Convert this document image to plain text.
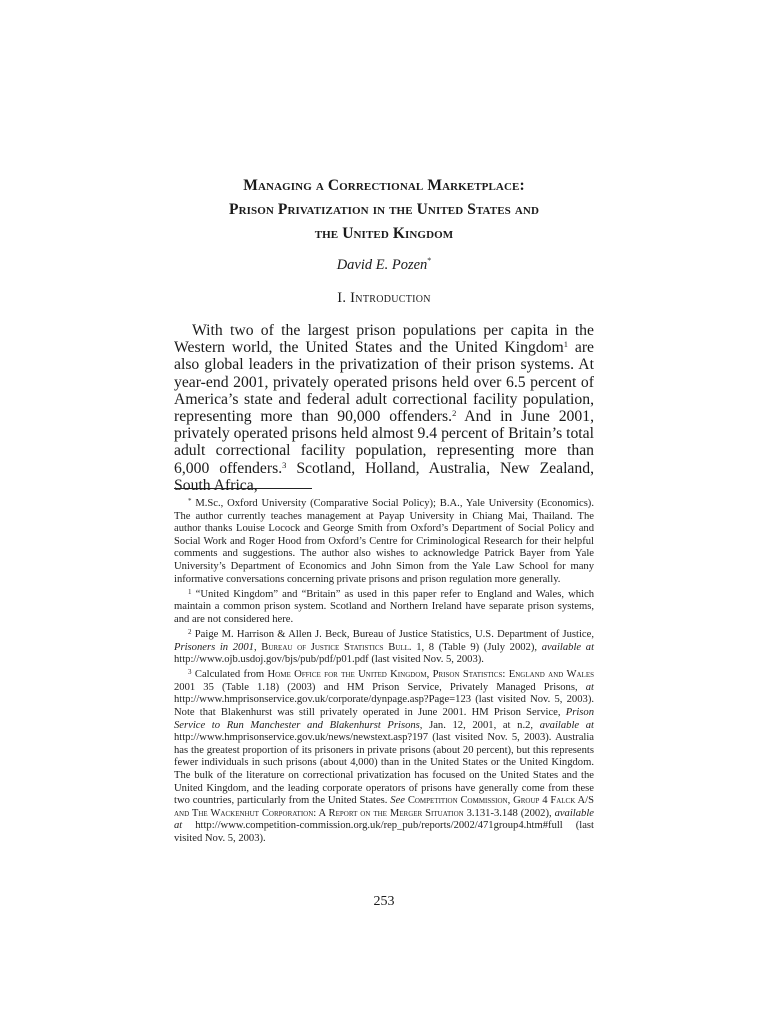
Managing a Correctional Marketplace:
Prison Privatization in the United States and
the United Kingdom
David E. Pozen*
I. Introduction

With two of the largest prison populations per capita in the Western world, the United States and the United Kingdom$^1$ are also global leaders in the privatization of their prison systems. At year-end 2001, privately operated prisons held over 6.5 percent of America’s state and federal adult correctional facility population, representing more than 90,000 offenders.$^2$ And in June 2001, privately operated prisons held almost 9.4 percent of Britain’s total adult correctional facility population, representing more than 6,000 offenders.$^3$ Scotland, Holland, Australia, New Zealand, South Africa,

* M.Sc., Oxford University (Comparative Social Policy); B.A., Yale University (Economics). The author currently teaches management at Payap University in Chiang Mai, Thailand. The author thanks Louise Locock and George Smith from Oxford’s Department of Social Policy and Social Work and Roger Hood from Oxford’s Centre for Criminological Research for their helpful comments and suggestions. The author also wishes to acknowledge Patrick Bayer from Yale University’s Department of Economics and John Simon from the Yale Law School for many informative conversations concerning private prisons and prison regulation more generally.

$^1$ “United Kingdom” and “Britain” as used in this paper refer to England and Wales, which maintain a common prison system. Scotland and Northern Ireland have separate prison systems, and are not considered here.

$^2$ Paige M. Harrison & Allen J. Beck, Bureau of Justice Statistics, U.S. Department of Justice, Prisoners in 2001, Bureau of Justice Statistics Bull. 1, 8 (Table 9) (July 2002), available at http://www.ojb.usdoj.gov/bjs/pub/pdf/p01.pdf (last visited Nov. 5, 2003).

$^3$ Calculated from Home Office for the United Kingdom, Prison Statistics: England and Wales 2001 35 (Table 1.18) (2003) and HM Prison Service, Privately Managed Prisons, at http://www.hmprisonservice.gov.uk/corporate/dynpage.asp?Page=123 (last visited Nov. 5, 2003). Note that Blakenhurst was still privately operated in June 2001. HM Prison Service, Prison Service to Run Manchester and Blakenhurst Prisons, Jan. 12, 2001, at n.2, available at http://www.hmprisonservice.gov.uk/news/newstext.asp?197 (last visited Nov. 5, 2003). Australia has the greatest proportion of its prisoners in private prisons (about 20 percent), but this represents fewer individuals in such prisons (about 4,000) than in the United States or the United Kingdom. The bulk of the literature on correctional privatization has focused on the United States and the United Kingdom, and the leading corporate operators of prisons have generally come from these two countries, particularly from the United States. See Competition Commission, Group 4 Falck A/S and The Wackenhut Corporation: A Report on the Merger Situation 3.131-3.148 (2002), available at http://www.competition-commission.org.uk/rep_pub/reports/2002/471group4.htm#full (last visited Nov. 5, 2003).

253
